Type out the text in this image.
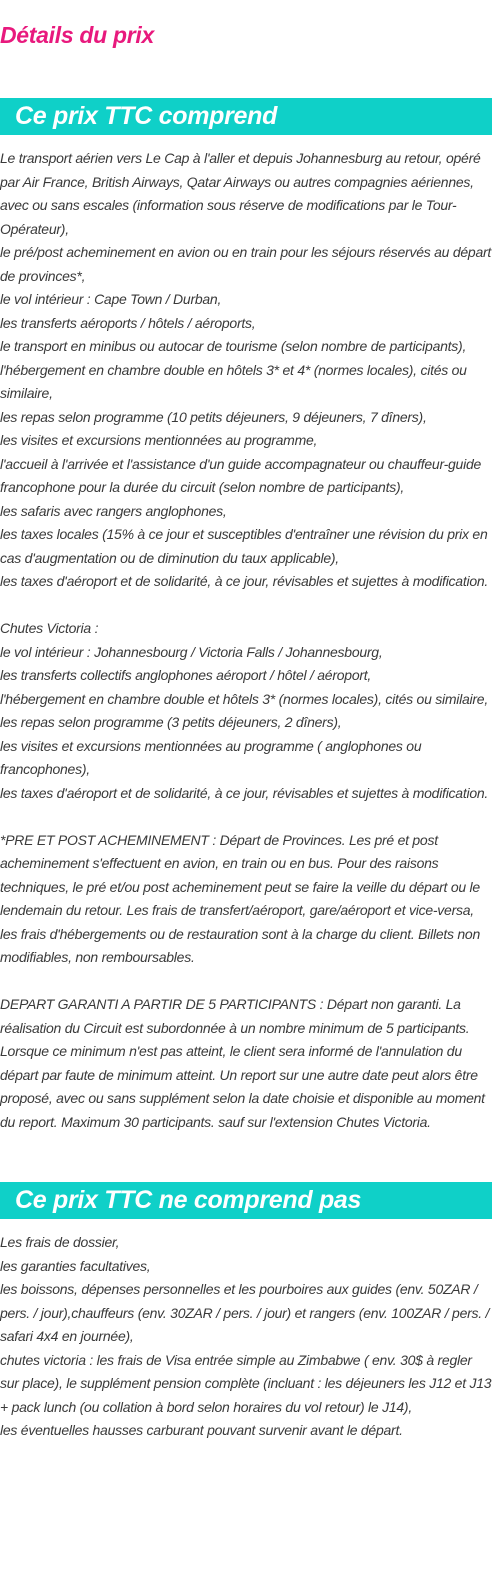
Détails du prix
Ce prix TTC comprend
Le transport aérien vers Le Cap à l'aller et depuis Johannesburg au retour, opéré par Air France, British Airways, Qatar Airways ou autres compagnies aériennes, avec ou sans escales (information sous réserve de modifications par le Tour-Opérateur),
le pré/post acheminement en avion ou en train pour les séjours réservés au départ de provinces*,
le vol intérieur : Cape Town / Durban,
les transferts aéroports / hôtels / aéroports,
le transport en minibus ou autocar de tourisme (selon nombre de participants),
l'hébergement en chambre double en hôtels 3* et 4* (normes locales), cités ou similaire,
les repas selon programme (10 petits déjeuners, 9 déjeuners, 7 dîners),
les visites et excursions mentionnées au programme,
l'accueil à l'arrivée et l'assistance d'un guide accompagnateur ou chauffeur-guide francophone pour la durée du circuit (selon nombre de participants),
les safaris avec rangers anglophones,
les taxes locales (15% à ce jour et susceptibles d'entraîner une révision du prix en cas d'augmentation ou de diminution du taux applicable),
les taxes d'aéroport et de solidarité, à ce jour, révisables et sujettes à modification.
Chutes Victoria :
le vol intérieur : Johannesbourg / Victoria Falls / Johannesbourg,
les transferts collectifs anglophones aéroport / hôtel / aéroport,
l'hébergement en chambre double et hôtels 3* (normes locales), cités ou similaire,
les repas selon programme (3 petits déjeuners, 2 dîners),
les visites et excursions mentionnées au programme ( anglophones ou francophones),
les taxes d'aéroport et de solidarité, à ce jour, révisables et sujettes à modification.
*PRE ET POST ACHEMINEMENT : Départ de Provinces. Les pré et post acheminement s'effectuent en avion, en train ou en bus. Pour des raisons techniques, le pré et/ou post acheminement peut se faire la veille du départ ou le lendemain du retour. Les frais de transfert/aéroport, gare/aéroport et vice-versa, les frais d'hébergements ou de restauration sont à la charge du client. Billets non modifiables, non remboursables.
DEPART GARANTI A PARTIR DE 5 PARTICIPANTS : Départ non garanti. La réalisation du Circuit est subordonnée à un nombre minimum de 5 participants. Lorsque ce minimum n'est pas atteint, le client sera informé de l'annulation du départ par faute de minimum atteint. Un report sur une autre date peut alors être proposé, avec ou sans supplément selon la date choisie et disponible au moment du report. Maximum 30 participants. sauf sur l'extension Chutes Victoria.
Ce prix TTC ne comprend pas
Les frais de dossier,
les garanties facultatives,
les boissons, dépenses personnelles et les pourboires aux guides (env. 50ZAR / pers. / jour),chauffeurs (env. 30ZAR / pers. / jour) et rangers (env. 100ZAR / pers. / safari 4x4 en journée),
chutes victoria : les frais de Visa entrée simple au Zimbabwe ( env. 30$ à regler sur place), le supplément pension complète (incluant : les déjeuners les J12 et J13 + pack lunch (ou collation à bord selon horaires du vol retour) le J14),
les éventuelles hausses carburant pouvant survenir avant le départ.
